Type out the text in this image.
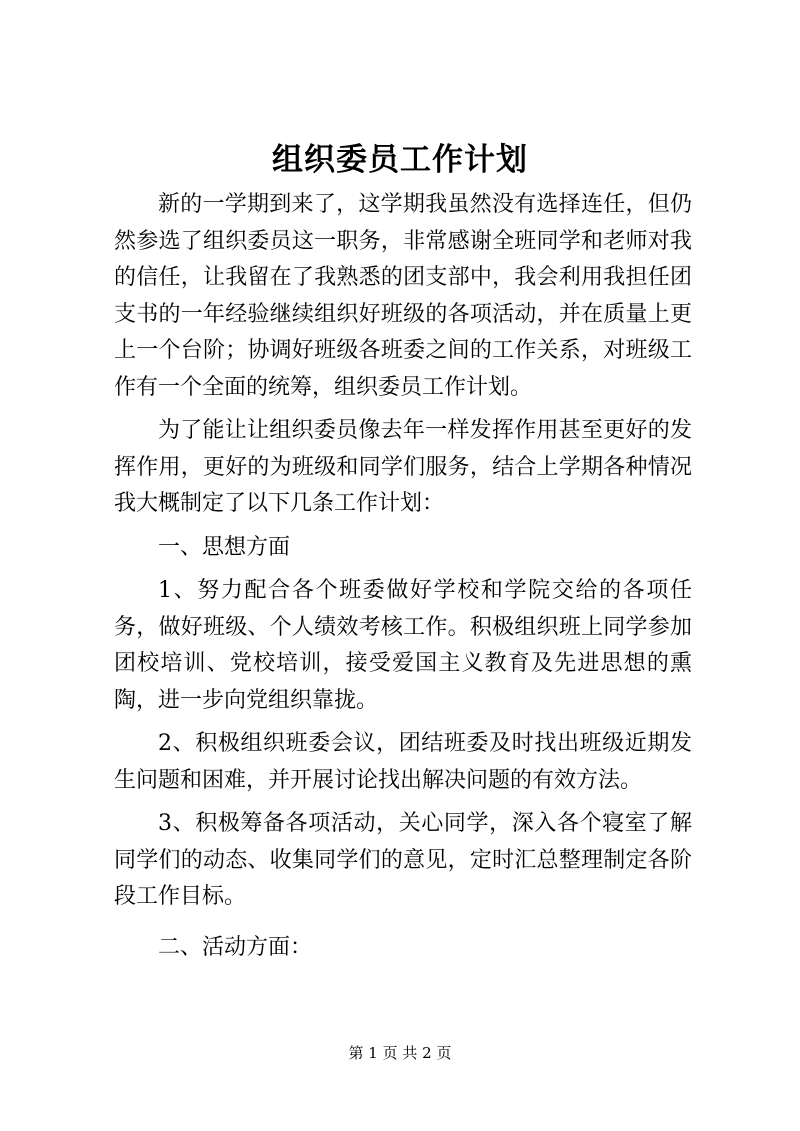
组织委员工作计划

新的一学期到来了，这学期我虽然没有选择连任，但仍然参选了组织委员这一职务，非常感谢全班同学和老师对我的信任，让我留在了我熟悉的团支部中，我会利用我担任团支书的一年经验继续组织好班级的各项活动，并在质量上更上一个台阶；协调好班级各班委之间的工作关系，对班级工作有一个全面的统筹，组织委员工作计划。

为了能让让组织委员像去年一样发挥作用甚至更好的发挥作用，更好的为班级和同学们服务，结合上学期各种情况我大概制定了以下几条工作计划：

一、思想方面

1、努力配合各个班委做好学校和学院交给的各项任务，做好班级、个人绩效考核工作。积极组织班上同学参加团校培训、党校培训，接受爱国主义教育及先进思想的熏陶，进一步向党组织靠拢。

2、积极组织班委会议，团结班委及时找出班级近期发生问题和困难，并开展讨论找出解决问题的有效方法。

3、积极筹备各项活动，关心同学，深入各个寝室了解同学们的动态、收集同学们的意见，定时汇总整理制定各阶段工作目标。

二、活动方面：

第 1 页 共 2 页
